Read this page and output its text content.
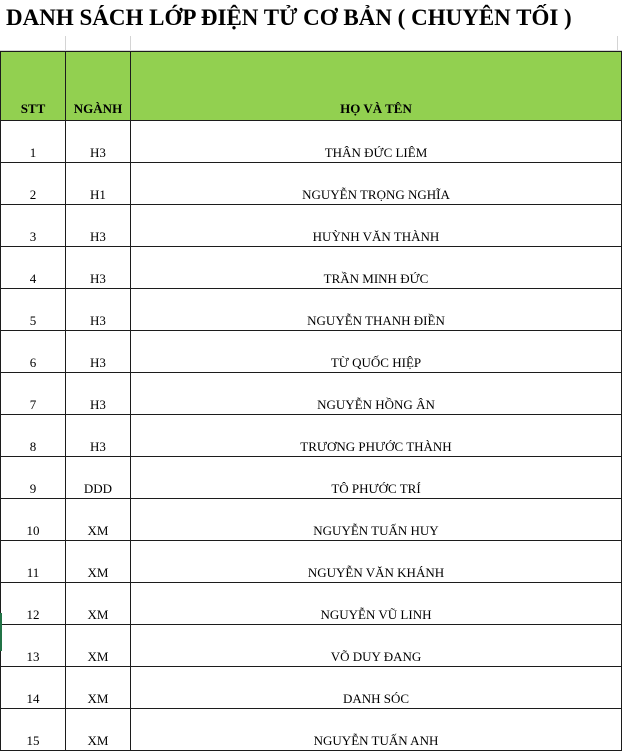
DANH SÁCH LỚP ĐIỆN TỬ CƠ BẢN ( CHUYÊN TỐI )
STT	NGÀNH	HỌ VÀ TÊN
1	H3	THÂN ĐỨC LIÊM
2	H1	NGUYỄN TRỌNG NGHĨA
3	H3	HUỲNH VĂN THÀNH
4	H3	TRẦN MINH ĐỨC
5	H3	NGUYỄN THANH ĐIỀN
6	H3	TỪ QUỐC HIỆP
7	H3	NGUYỄN HỒNG ÂN
8	H3	TRƯƠNG PHƯỚC THÀNH
9	DDD	TÔ PHƯỚC TRÍ
10	XM	NGUYỄN TUẤN HUY
11	XM	NGUYỄN VĂN KHÁNH
12	XM	NGUYỄN VŨ LINH
13	XM	VÕ DUY ĐANG
14	XM	DANH SÓC
15	XM	NGUYỄN TUẤN ANH
